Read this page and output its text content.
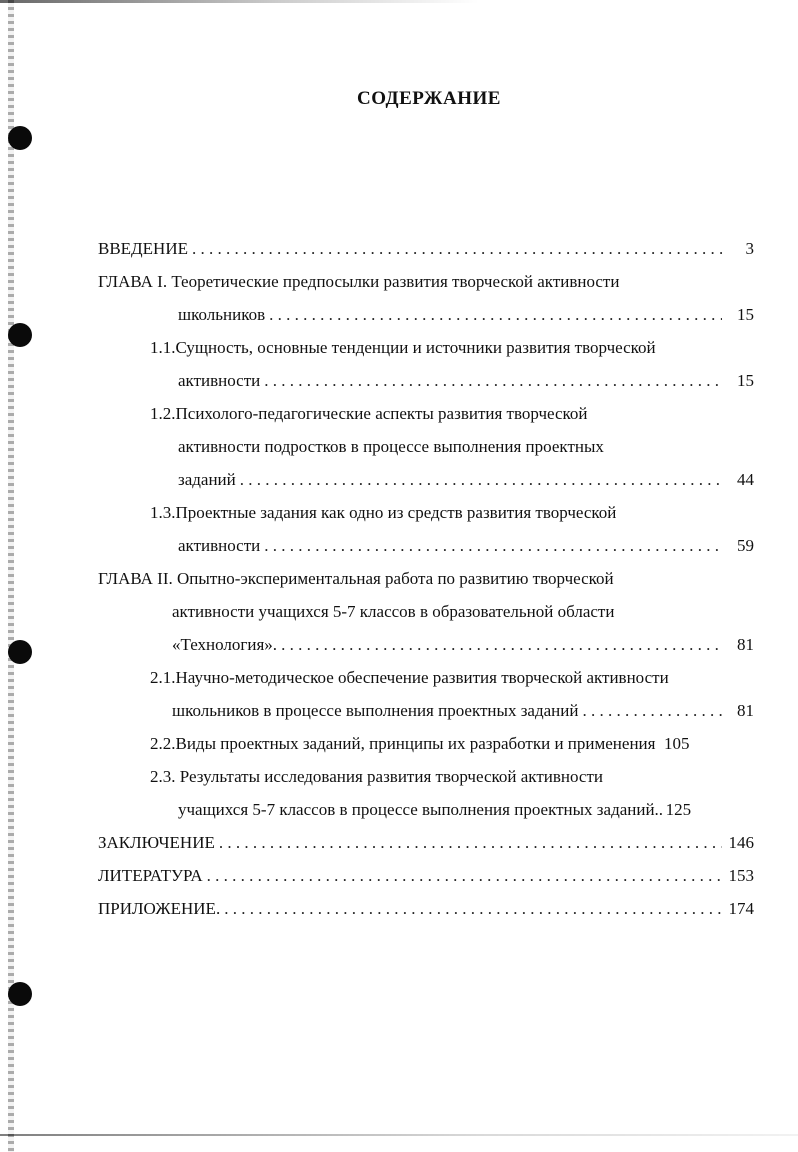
СОДЕРЖАНИЕ
ВВЕДЕНИЕ . . .	3
ГЛАВА I. Теоретические предпосылки развития творческой активности
школьников . . .	15
1.1.Сущность, основные тенденции и источники развития творческой
активности . . .	15
1.2.Психолого-педагогические аспекты развития творческой
активности подростков в процессе выполнения проектных
заданий . . .	44
1.3.Проектные задания как одно из средств развития творческой
активности . . .	59
ГЛАВА II. Опытно-экспериментальная работа по развитию творческой
активности учащихся 5-7 классов в образовательной области
«Технология». . . .	81
2.1.Научно-методическое обеспечение развития творческой активности
школьников в процессе выполнения проектных заданий . . .	81
2.2.Виды проектных заданий, принципы их разработки и применения 105
2.3. Результаты исследования развития творческой активности
учащихся 5-7 классов в процессе выполнения проектных заданий.. 125
ЗАКЛЮЧЕНИЕ . . .	146
ЛИТЕРАТУРА . . .	153
ПРИЛОЖЕНИЕ. . . .	174
